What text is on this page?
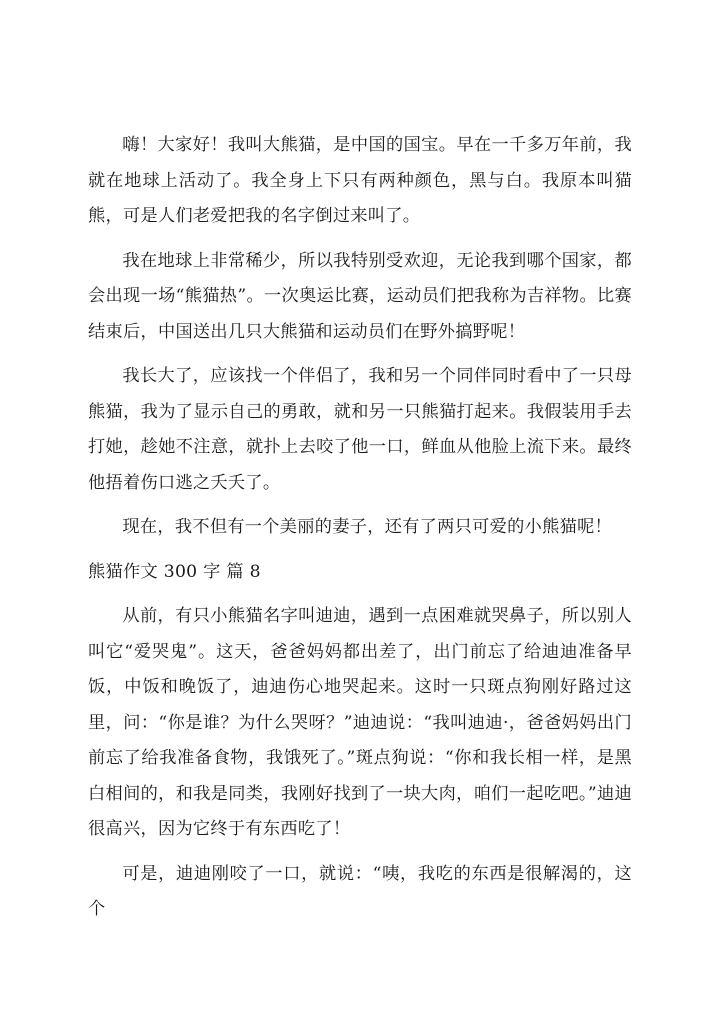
嗨！大家好！我叫大熊猫，是中国的国宝。早在一千多万年前，我就在地球上活动了。我全身上下只有两种颜色，黑与白。我原本叫猫熊，可是人们老爱把我的名字倒过来叫了。

我在地球上非常稀少，所以我特别受欢迎，无论我到哪个国家，都会出现一场“熊猫热”。一次奥运比赛，运动员们把我称为吉祥物。比赛结束后，中国送出几只大熊猫和运动员们在野外搞野呢！

我长大了，应该找一个伴侣了，我和另一个同伴同时看中了一只母熊猫，我为了显示自己的勇敢，就和另一只熊猫打起来。我假装用手去打她，趁她不注意，就扑上去咬了他一口，鲜血从他脸上流下来。最终他捂着伤口逃之夭夭了。

现在，我不但有一个美丽的妻子，还有了两只可爱的小熊猫呢！

熊猫作文 300 字 篇 8

从前，有只小熊猫名字叫迪迪，遇到一点困难就哭鼻子，所以别人叫它“爱哭鬼”。这天，爸爸妈妈都出差了，出门前忘了给迪迪准备早饭，中饭和晚饭了，迪迪伤心地哭起来。这时一只斑点狗刚好路过这里，问：“你是谁？为什么哭呀？”迪迪说：“我叫迪迪·，爸爸妈妈出门前忘了给我准备食物，我饿死了。”斑点狗说：“你和我长相一样，是黑白相间的，和我是同类，我刚好找到了一块大肉，咱们一起吃吧。”迪迪很高兴，因为它终于有东西吃了！

可是，迪迪刚咬了一口，就说：“咦，我吃的东西是很解渴的，这个
